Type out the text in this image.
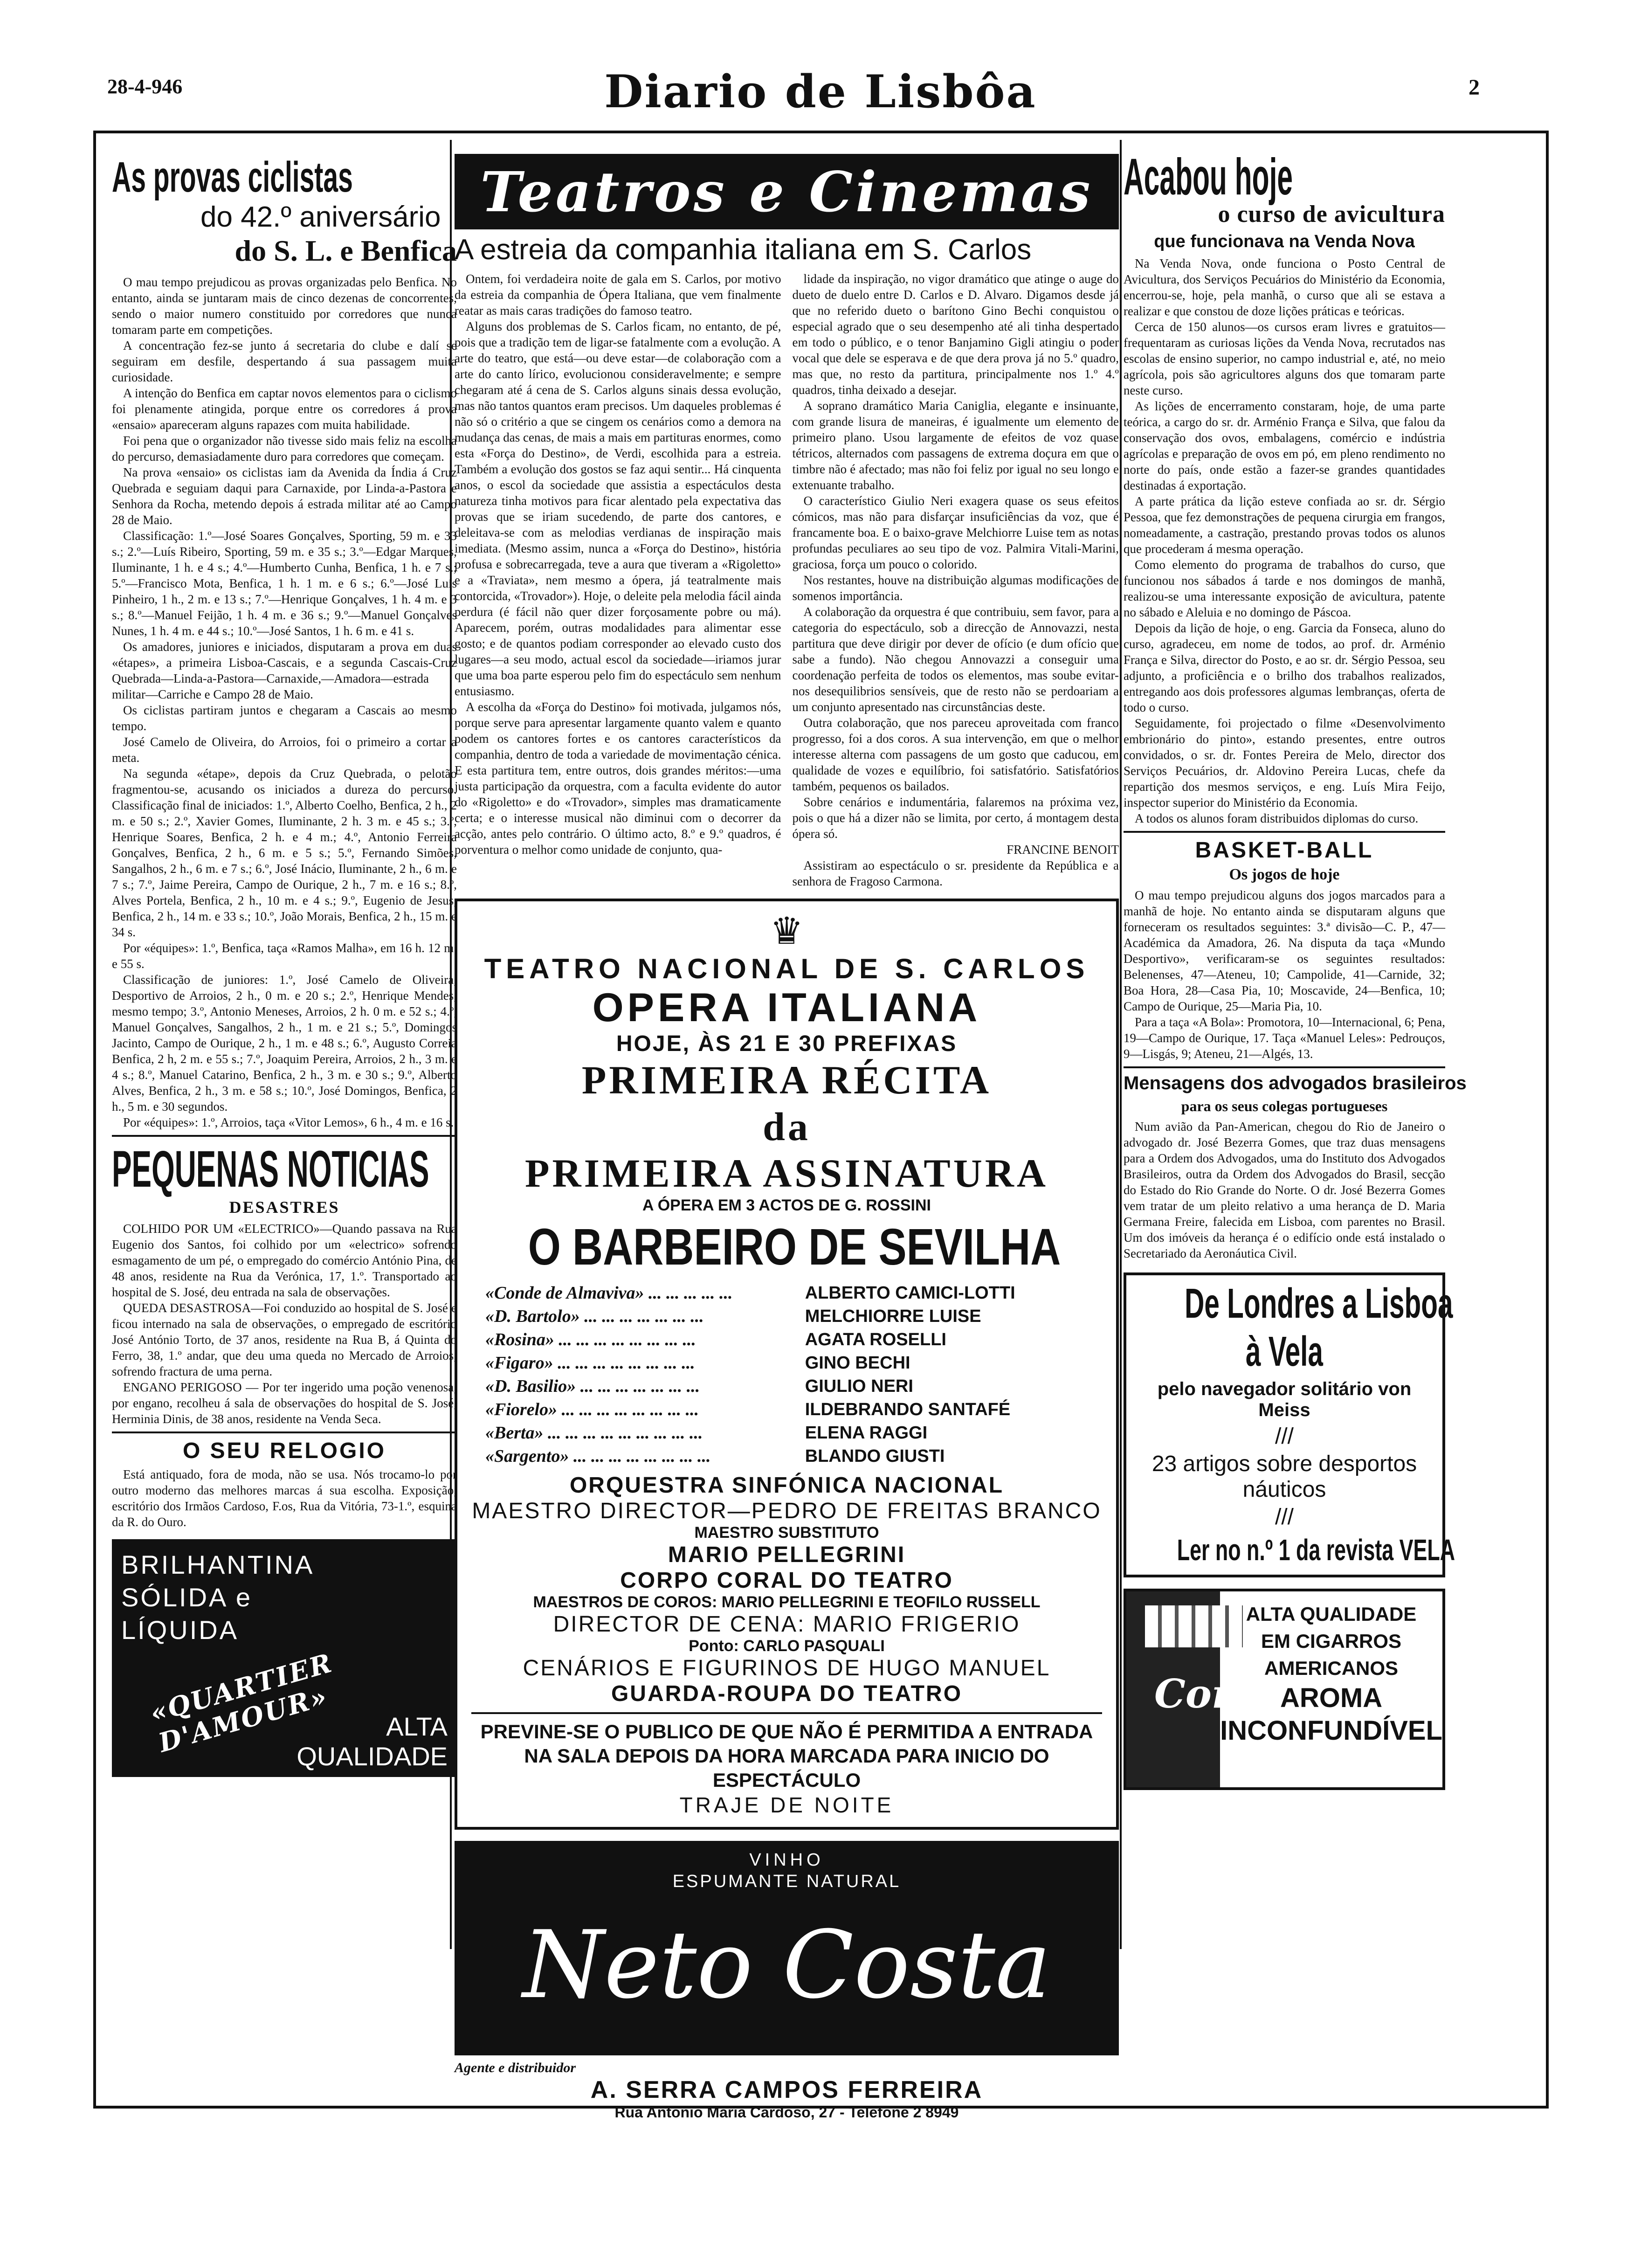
28-4-946	Diario de Lisbôa	2
As provas ciclistas

do 42.º aniversário

do S. L. e Benfica

O mau tempo prejudicou as provas organizadas pelo Benfica. No entanto, ainda se juntaram mais de cinco dezenas de concorrentes, sendo o maior numero constituido por corredores que nunca tomaram parte em competições.

A concentração fez-se junto á secretaria do clube e dalí se seguiram em desfile, despertando á sua passagem muita curiosidade.

A intenção do Benfica em captar novos elementos para o ciclismo foi plenamente atingida, porque entre os corredores á prova «ensaio» apareceram alguns rapazes com muita habilidade.

Foi pena que o organizador não tivesse sido mais feliz na escolha do percurso, demasiadamente duro para corredores que começam.

Na prova «ensaio» os ciclistas iam da Avenida da Índia á Cruz Quebrada e seguiam daqui para Carnaxide, por Linda-a-Pastora e Senhora da Rocha, metendo depois á estrada militar até ao Campo 28 de Maio.

Classificação: 1.º—José Soares Gonçalves, Sporting, 59 m. e 33 s.; 2.º—Luís Ribeiro, Sporting, 59 m. e 35 s.; 3.º—Edgar Marques, Iluminante, 1 h. e 4 s.; 4.º—Humberto Cunha, Benfica, 1 h. e 7 s.; 5.º—Francisco Mota, Benfica, 1 h. 1 m. e 6 s.; 6.º—José Luís Pinheiro, 1 h., 2 m. e 13 s.; 7.º—Henrique Gonçalves, 1 h. 4 m. e 3 s.; 8.º—Manuel Feijão, 1 h. 4 m. e 36 s.; 9.º—Manuel Gonçalves Nunes, 1 h. 4 m. e 44 s.; 10.º—José Santos, 1 h. 6 m. e 41 s.

Os amadores, juniores e iniciados, disputaram a prova em duas «étapes», a primeira Lisboa-Cascais, e a segunda Cascais-Cruz Quebrada—Linda-a-Pastora—Carnaxide,—Amadora—estrada militar—Carriche e Campo 28 de Maio.

Os ciclistas partiram juntos e chegaram a Cascais ao mesmo tempo.

José Camelo de Oliveira, do Arroios, foi o primeiro a cortar a meta.

Na segunda «étape», depois da Cruz Quebrada, o pelotão fragmentou-se, acusando os iniciados a dureza do percurso. Classificação final de iniciados: 1.º, Alberto Coelho, Benfica, 2 h., 2 m. e 50 s.; 2.º, Xavier Gomes, Iluminante, 2 h. 3 m. e 45 s.; 3.º, Henrique Soares, Benfica, 2 h. e 4 m.; 4.º, Antonio Ferreira Gonçalves, Benfica, 2 h., 6 m. e 5 s.; 5.º, Fernando Simões, Sangalhos, 2 h., 6 m. e 7 s.; 6.º, José Inácio, Iluminante, 2 h., 6 m. e 7 s.; 7.º, Jaime Pereira, Campo de Ourique, 2 h., 7 m. e 16 s.; 8.º, Alves Portela, Benfica, 2 h., 10 m. e 4 s.; 9.º, Eugenio de Jesus, Benfica, 2 h., 14 m. e 33 s.; 10.º, João Morais, Benfica, 2 h., 15 m. e 34 s.

Por «équipes»: 1.º, Benfica, taça «Ramos Malha», em 16 h. 12 m. e 55 s.

Classificação de juniores: 1.º, José Camelo de Oliveira, Desportivo de Arroios, 2 h., 0 m. e 20 s.; 2.º, Henrique Mendes, mesmo tempo; 3.º, Antonio Meneses, Arroios, 2 h. 0 m. e 52 s.; 4.º, Manuel Gonçalves, Sangalhos, 2 h., 1 m. e 21 s.; 5.º, Domingos Jacinto, Campo de Ourique, 2 h., 1 m. e 48 s.; 6.º, Augusto Correia Benfica, 2 h, 2 m. e 55 s.; 7.º, Joaquim Pereira, Arroios, 2 h., 3 m. e 4 s.; 8.º, Manuel Catarino, Benfica, 2 h., 3 m. e 30 s.; 9.º, Alberto Alves, Benfica, 2 h., 3 m. e 58 s.; 10.º, José Domingos, Benfica, 2 h., 5 m. e 30 segundos.

Por «équipes»: 1.º, Arroios, taça «Vitor Lemos», 6 h., 4 m. e 16 s.

PEQUENAS NOTICIAS
DESASTRES

COLHIDO POR UM «ELECTRICO»—Quando passava na Rua Eugenio dos Santos, foi colhido por um «electrico» sofrendo esmagamento de um pé, o empregado do comércio António Pina, de 48 anos, residente na Rua da Verónica, 17, 1.º. Transportado ao hospital de S. José, deu entrada na sala de observações.

QUEDA DESASTROSA—Foi conduzido ao hospital de S. José e ficou internado na sala de observações, o empregado de escritório José António Torto, de 37 anos, residente na Rua B, á Quinta do Ferro, 38, 1.º andar, que deu uma queda no Mercado de Arroios, sofrendo fractura de uma perna.

ENGANO PERIGOSO — Por ter ingerido uma poção venenosa, por engano, recolheu á sala de observações do hospital de S. José, Herminia Dinis, de 38 anos, residente na Venda Seca.

O SEU RELOGIO

Está antiquado, fora de moda, não se usa. Nós trocamo-lo por outro moderno das melhores marcas á sua escolha. Exposição, escritório dos Irmãos Cardoso, F.os, Rua da Vitória, 73-1.º, esquina da R. do Ouro.

BRILHANTINA
SÓLIDA e
LÍQUIDA
«QUARTIER D'AMOUR»	ALTA
QUALIDADE
Teatros e Cinemas
A estreia da companhia italiana em S. Carlos

Ontem, foi verdadeira noite de gala em S. Carlos, por motivo da estreia da companhia de Ópera Italiana, que vem finalmente reatar as mais caras tradições do famoso teatro.

Alguns dos problemas de S. Carlos ficam, no entanto, de pé, pois que a tradição tem de ligar-se fatalmente com a evolução. A arte do teatro, que está—ou deve estar—de colaboração com a arte do canto lírico, evolucionou consideravelmente; e sempre chegaram até á cena de S. Carlos alguns sinais dessa evolução, mas não tantos quantos eram precisos. Um daqueles problemas é não só o critério a que se cingem os cenários como a demora na mudança das cenas, de mais a mais em partituras enormes, como esta «Força do Destino», de Verdi, escolhida para a estreia. Também a evolução dos gostos se faz aqui sentir... Há cinquenta anos, o escol da sociedade que assistia a espectáculos desta natureza tinha motivos para ficar alentado pela expectativa das provas que se iriam sucedendo, de parte dos cantores, e deleitava-se com as melodias verdianas de inspiração mais imediata. (Mesmo assim, nunca a «Força do Destino», história profusa e sobrecarregada, teve a aura que tiveram a «Rigoletto» e a «Traviata», nem mesmo a ópera, já teatralmente mais contorcida, «Trovador»). Hoje, o deleite pela melodia fácil ainda perdura (é fácil não quer dizer forçosamente pobre ou má). Aparecem, porém, outras modalidades para alimentar esse gosto; e de quantos podiam corresponder ao elevado custo dos lugares—a seu modo, actual escol da sociedade—iriamos jurar que uma boa parte esperou pelo fim do espectáculo sem nenhum entusiasmo.

A escolha da «Força do Destino» foi motivada, julgamos nós, porque serve para apresentar largamente quanto valem e quanto podem os cantores fortes e os cantores característicos da companhia, dentro de toda a variedade de movimentação cénica. E esta partitura tem, entre outros, dois grandes méritos:—uma justa participação da orquestra, com a faculta evidente do autor do «Rigoletto» e do «Trovador», simples mas dramaticamente certa; e o interesse musical não diminui com o decorrer da acção, antes pelo contrário. O último acto, 8.º e 9.º quadros, é porventura o melhor como unidade de conjunto, qua-

lidade da inspiração, no vigor dramático que atinge o auge do dueto de duelo entre D. Carlos e D. Alvaro. Digamos desde já que no referido dueto o barítono Gino Bechi conquistou o especial agrado que o seu desempenho até ali tinha despertado em todo o público, e o tenor Banjamino Gigli atingiu o poder vocal que dele se esperava e de que dera prova já no 5.º quadro, mas que, no resto da partitura, principalmente nos 1.º 4.º quadros, tinha deixado a desejar.

A soprano dramático Maria Caniglia, elegante e insinuante, com grande lisura de maneiras, é igualmente um elemento de primeiro plano. Usou largamente de efeitos de voz quase tétricos, alternados com passagens de extrema doçura em que o timbre não é afectado; mas não foi feliz por igual no seu longo e extenuante trabalho.

O característico Giulio Neri exagera quase os seus efeitos cómicos, mas não para disfarçar insuficiências da voz, que é francamente boa. E o baixo-grave Melchiorre Luise tem as notas profundas peculiares ao seu tipo de voz. Palmira Vitali-Marini, graciosa, força um pouco o colorido.

Nos restantes, houve na distribuição algumas modificações de somenos importância.

A colaboração da orquestra é que contribuiu, sem favor, para a categoria do espectáculo, sob a direcção de Annovazzi, nesta partitura que deve dirigir por dever de ofício (e dum ofício que sabe a fundo). Não chegou Annovazzi a conseguir uma coordenação perfeita de todos os elementos, mas soube evitar-nos desequilibrios sensíveis, que de resto não se perdoariam a um conjunto apresentado nas circunstâncias deste.

Outra colaboração, que nos pareceu aproveitada com franco progresso, foi a dos coros. A sua intervenção, em que o melhor interesse alterna com passagens de um gosto que caducou, em qualidade de vozes e equilíbrio, foi satisfatório. Satisfatórios também, pequenos os bailados.

Sobre cenários e indumentária, falaremos na próxima vez, pois o que há a dizer não se limita, por certo, á montagem desta ópera só.

FRANCINE BENOIT

Assistiram ao espectáculo o sr. presidente da República e a senhora de Fragoso Carmona.

♛

TEATRO NACIONAL DE S. CARLOS

OPERA ITALIANA

HOJE, ÀS 21 E 30 PREFIXAS

PRIMEIRA RÉCITA

da

PRIMEIRA ASSINATURA

A ÓPERA EM 3 ACTOS DE G. ROSSINI

O BARBEIRO DE SEVILHA
«Conde de Almaviva» ... ... ... ... ...	ALBERTO CAMICI-LOTTI
«D. Bartolo» ... ... ... ... ... ... ...	MELCHIORRE LUISE
«Rosina» ... ... ... ... ... ... ... ...	AGATA ROSELLI
«Figaro» ... ... ... ... ... ... ... ...	GINO BECHI
«D. Basilio» ... ... ... ... ... ... ...	GIULIO NERI
«Fiorelo» ... ... ... ... ... ... ... ...	ILDEBRANDO SANTAFÉ
«Berta» ... ... ... ... ... ... ... ... ...	ELENA RAGGI
«Sargento» ... ... ... ... ... ... ... ...	BLANDO GIUSTI

ORQUESTRA SINFÓNICA NACIONAL

MAESTRO DIRECTOR—PEDRO DE FREITAS BRANCO

MAESTRO SUBSTITUTO

MARIO PELLEGRINI

CORPO CORAL DO TEATRO

MAESTROS DE COROS: MARIO PELLEGRINI E TEOFILO RUSSELL

DIRECTOR DE CENA: MARIO FRIGERIO

Ponto: CARLO PASQUALI

CENÁRIOS E FIGURINOS DE HUGO MANUEL

GUARDA-ROUPA DO TEATRO

PREVINE-SE O PUBLICO DE QUE NÃO É PERMITIDA A ENTRADA NA SALA DEPOIS DA HORA MARCADA PARA INICIO DO ESPECTÁCULO

TRAJE DE NOITE

VINHO
ESPUMANTE NATURAL
Neto Costa
Agente e distribuidor
A. SERRA CAMPOS FERREIRA
Rua Antonio Maria Cardoso, 27 - Telefone 2 8949
Acabou hoje
o curso de avicultura
que funcionava na Venda Nova

Na Venda Nova, onde funciona o Posto Central de Avicultura, dos Serviços Pecuários do Ministério da Economia, encerrou-se, hoje, pela manhã, o curso que ali se estava a realizar e que constou de doze lições práticas e teóricas.

Cerca de 150 alunos—os cursos eram livres e gratuitos—frequentaram as curiosas lições da Venda Nova, recrutados nas escolas de ensino superior, no campo industrial e, até, no meio agrícola, pois são agricultores alguns dos que tomaram parte neste curso.

As lições de encerramento constaram, hoje, de uma parte teórica, a cargo do sr. dr. Arménio França e Silva, que falou da conservação dos ovos, embalagens, comércio e indústria agrícolas e preparação de ovos em pó, em pleno rendimento no norte do país, onde estão a fazer-se grandes quantidades destinadas á exportação.

A parte prática da lição esteve confiada ao sr. dr. Sérgio Pessoa, que fez demonstrações de pequena cirurgia em frangos, nomeadamente, a castração, prestando provas todos os alunos que procederam á mesma operação.

Como elemento do programa de trabalhos do curso, que funcionou nos sábados á tarde e nos domingos de manhã, realizou-se uma interessante exposição de avicultura, patente no sábado e Aleluia e no domingo de Páscoa.

Depois da lição de hoje, o eng. Garcia da Fonseca, aluno do curso, agradeceu, em nome de todos, ao prof. dr. Arménio França e Silva, director do Posto, e ao sr. dr. Sérgio Pessoa, seu adjunto, a proficiência e o brilho dos trabalhos realizados, entregando aos dois professores algumas lembranças, oferta de todo o curso.

Seguidamente, foi projectado o filme «Desenvolvimento embrionário do pinto», estando presentes, entre outros convidados, o sr. dr. Fontes Pereira de Melo, director dos Serviços Pecuários, dr. Aldovino Pereira Lucas, chefe da repartição dos mesmos serviços, e eng. Luís Mira Feijo, inspector superior do Ministério da Economia.

A todos os alunos foram distribuidos diplomas do curso.

BASKET-BALL
Os jogos de hoje

O mau tempo prejudicou alguns dos jogos marcados para a manhã de hoje. No entanto ainda se disputaram alguns que forneceram os resultados seguintes: 3.ª divisão—C. P., 47—Académica da Amadora, 26. Na disputa da taça «Mundo Desportivo», verificaram-se os seguintes resultados: Belenenses, 47—Ateneu, 10; Campolide, 41—Carnide, 32; Boa Hora, 28—Casa Pia, 10; Moscavide, 24—Benfica, 10; Campo de Ourique, 25—Maria Pia, 10.

Para a taça «A Bola»: Promotora, 10—Internacional, 6; Pena, 19—Campo de Ourique, 17. Taça «Manuel Leles»: Pedrouços, 9—Lisgás, 9; Ateneu, 21—Algés, 13.

Mensagens dos advogados brasileiros
para os seus colegas portugueses

Num avião da Pan-American, chegou do Rio de Janeiro o advogado dr. José Bezerra Gomes, que traz duas mensagens para a Ordem dos Advogados, uma do Instituto dos Advogados Brasileiros, outra da Ordem dos Advogados do Brasil, secção do Estado do Rio Grande do Norte. O dr. José Bezerra Gomes vem tratar de um pleito relativo a uma herança de D. Maria Germana Freire, falecida em Lisboa, com parentes no Brasil. Um dos imóveis da herança é o edifício onde está instalado o Secretariado da Aeronáutica Civil.

De Londres a Lisboa

à Vela

pelo navegador solitário von Meiss

///

23 artigos sobre desportos náuticos

///

Ler no n.º 1 da revista VELA

Cort
ALTA QUALIDADE
EM CIGARROS
AMERICANOS
AROMA
INCONFUNDÍVEL
